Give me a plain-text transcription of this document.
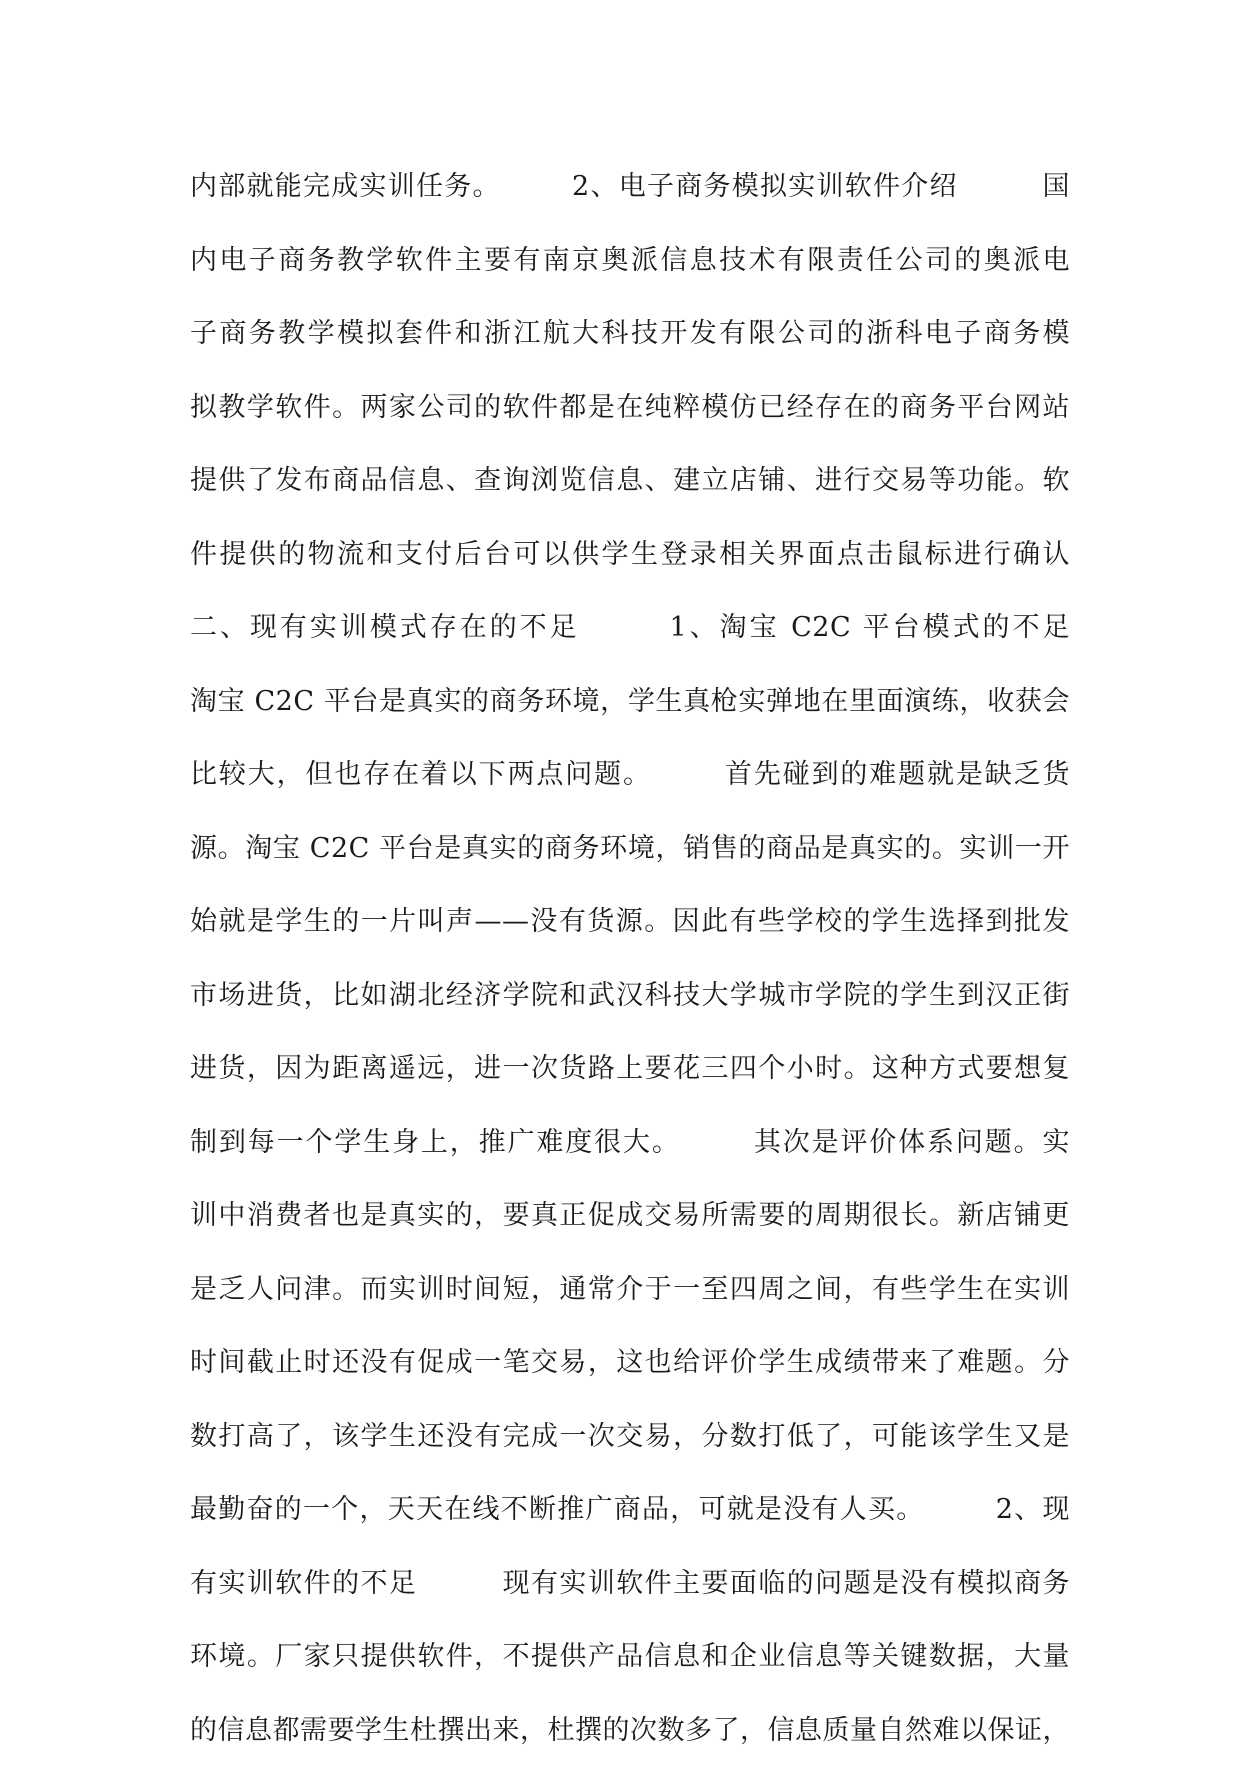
内部就能完成实训任务。　　　2、电子商务模拟实训软件介绍　　　国
内电子商务教学软件主要有南京奥派信息技术有限责任公司的奥派电
子商务教学模拟套件和浙江航大科技开发有限公司的浙科电子商务模
拟教学软件。两家公司的软件都是在纯粹模仿已经存在的商务平台网站
提供了发布商品信息、查询浏览信息、建立店铺、进行交易等功能。软
件提供的物流和支付后台可以供学生登录相关界面点击鼠标进行确认
二、现有实训模式存在的不足　　　1、淘宝 C2C 平台模式的不足
淘宝 C2C 平台是真实的商务环境，学生真枪实弹地在里面演练，收获会
比较大，但也存在着以下两点问题。　　　首先碰到的难题就是缺乏货
源。淘宝 C2C 平台是真实的商务环境，销售的商品是真实的。实训一开
始就是学生的一片叫声——没有货源。因此有些学校的学生选择到批发
市场进货，比如湖北经济学院和武汉科技大学城市学院的学生到汉正街
进货，因为距离遥远，进一次货路上要花三四个小时。这种方式要想复
制到每一个学生身上，推广难度很大。　　　其次是评价体系问题。实
训中消费者也是真实的，要真正促成交易所需要的周期很长。新店铺更
是乏人问津。而实训时间短，通常介于一至四周之间，有些学生在实训
时间截止时还没有促成一笔交易，这也给评价学生成绩带来了难题。分
数打高了，该学生还没有完成一次交易，分数打低了，可能该学生又是
最勤奋的一个，天天在线不断推广商品，可就是没有人买。　　　2、现
有实训软件的不足　　　现有实训软件主要面临的问题是没有模拟商务
环境。厂家只提供软件，不提供产品信息和企业信息等关键数据，大量
的信息都需要学生杜撰出来，杜撰的次数多了，信息质量自然难以保证，
